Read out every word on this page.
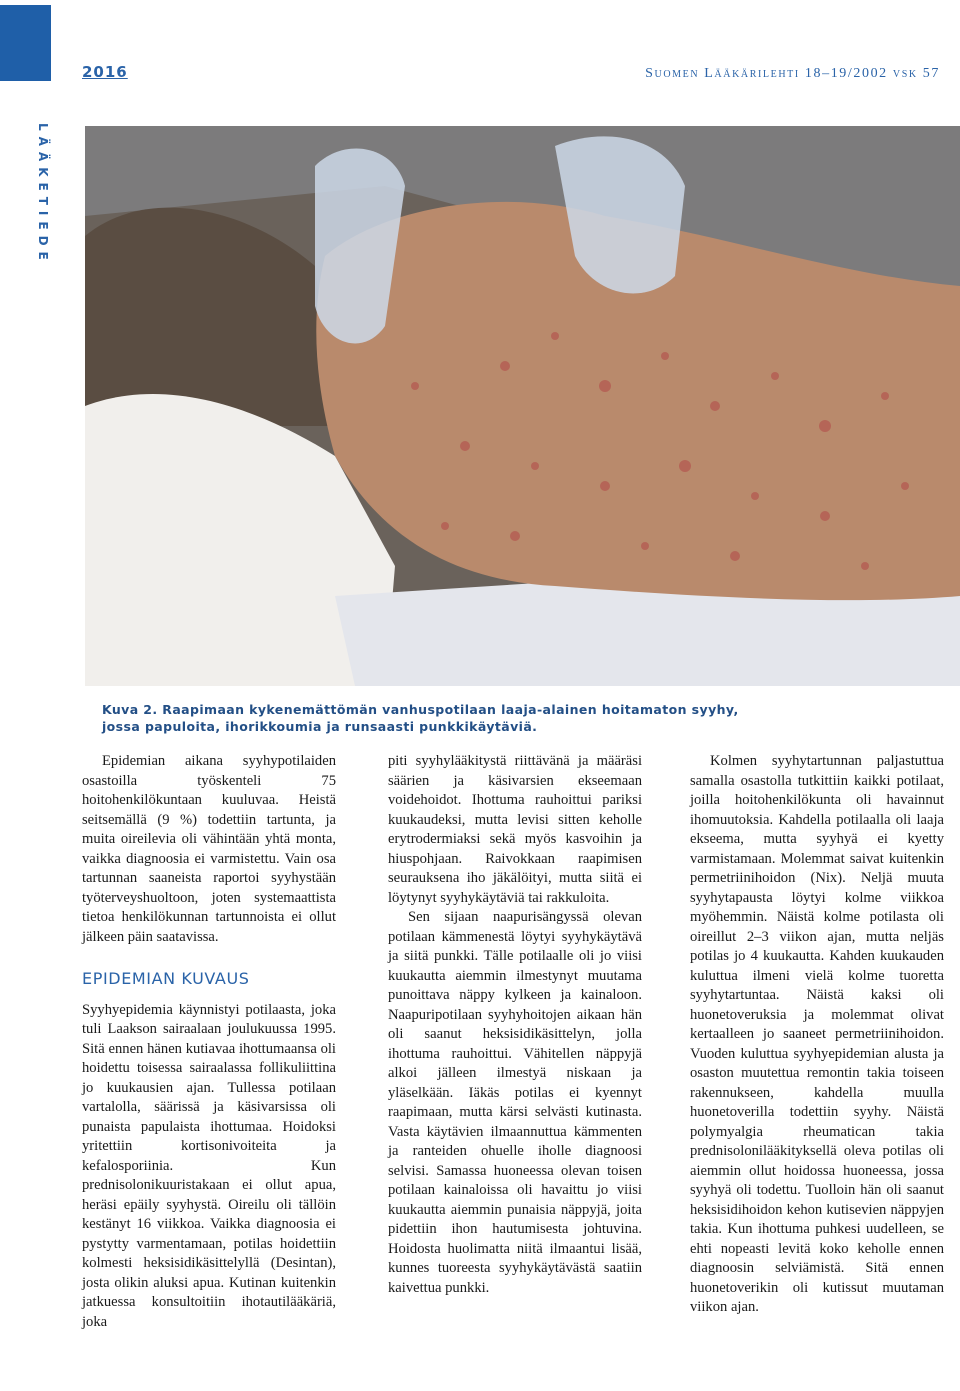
2016	Suomen Lääkärilehti 18–19/2002 vsk 57
LÄÄKETIEDE
Kuva 2. Raapimaan kykenemättömän vanhuspotilaan laaja-alainen hoitamaton syyhy,
jossa papuloita, ihorikkoumia ja runsaasti punkkikäytäviä.

Epidemian aikana syyhypotilaiden osastoilla työskenteli 75 hoitohenkilökuntaan kuuluvaa. Heistä seitsemällä (9 %) todettiin tartunta, ja muita oireilevia oli vähintään yhtä monta, vaikka diagnoosia ei varmistettu. Vain osa tartunnan saaneista raportoi syyhystään työterveyshuoltoon, joten systemaattista tietoa henkilökunnan tartunnoista ei ollut jälkeen päin saatavissa.

EPIDEMIAN KUVAUS

Syyhyepidemia käynnistyi potilaasta, joka tuli Laakson sairaalaan joulukuussa 1995. Sitä ennen hänen kutiavaa ihottumaansa oli hoidettu toisessa sairaalassa follikuliittina jo kuukausien ajan. Tullessa potilaan vartalolla, säärissä ja käsivarsissa oli punaista papulaista ihottumaa. Hoidoksi yritettiin kortisonivoiteita ja kefalosporiinia. Kun prednisolonikuuristakaan ei ollut apua, heräsi epäily syyhystä. Oireilu oli tällöin kestänyt 16 viikkoa. Vaikka diagnoosia ei pystytty varmentamaan, potilas hoidettiin kolmesti heksisidikäsittelyllä (Desintan), josta olikin aluksi apua. Kutinan kuitenkin jatkuessa konsultoitiin ihotautilääkäriä, joka

piti syyhylääkitystä riittävänä ja määräsi säärien ja käsivarsien ekseemaan voidehoidot. Ihottuma rauhoittui pariksi kuukaudeksi, mutta levisi sitten keholle erytrodermiaksi sekä myös kasvoihin ja hiuspohjaan. Raivokkaan raapimisen seurauksena iho jäkälöityi, mutta siitä ei löytynyt syyhykäytäviä tai rakkuloita.

Sen sijaan naapurisängyssä olevan potilaan kämmenestä löytyi syyhykäytävä ja siitä punkki. Tälle potilaalle oli jo viisi kuukautta aiemmin ilmestynyt muutama punoittava näppy kylkeen ja kainaloon. Naapuripotilaan syyhyhoitojen aikaan hän oli saanut heksisidikäsittelyn, jolla ihottuma rauhoittui. Vähitellen näppyjä alkoi jälleen ilmestyä niskaan ja yläselkään. Iäkäs potilas ei kyennyt raapimaan, mutta kärsi selvästi kutinasta. Vasta käytävien ilmaannuttua kämmenten ja ranteiden ohuelle iholle diagnoosi selvisi. Samassa huoneessa olevan toisen potilaan kainaloissa oli havaittu jo viisi kuukautta aiemmin punaisia näppyjä, joita pidettiin ihon hautumisesta johtuvina. Hoidosta huolimatta niitä ilmaantui lisää, kunnes tuoreesta syyhykäytävästä saatiin kaivettua punkki.

Kolmen syyhytartunnan paljastuttua samalla osastolla tutkittiin kaikki potilaat, joilla hoitohenkilökunta oli havainnut ihomuutoksia. Kahdella potilaalla oli laaja ekseema, mutta syyhyä ei kyetty varmistamaan. Molemmat saivat kuitenkin permetriinihoidon (Nix). Neljä muuta syyhytapausta löytyi kolme viikkoa myöhemmin. Näistä kolme potilasta oli oireillut 2–3 viikon ajan, mutta neljäs potilas jo 4 kuukautta. Kahden kuukauden kuluttua ilmeni vielä kolme tuoretta syyhytartuntaa. Näistä kaksi oli huonetoveruksia ja molemmat olivat kertaalleen jo saaneet permetriinihoidon. Vuoden kuluttua syyhyepidemian alusta ja osaston muutettua remontin takia toiseen rakennukseen, kahdella muulla huonetoverilla todettiin syyhy. Näistä polymyalgia rheumatican takia prednisolonilääkityksellä oleva potilas oli aiemmin ollut hoidossa huoneessa, jossa syyhyä oli todettu. Tuolloin hän oli saanut heksisidihoidon kehon kutisevien näppyjen takia. Kun ihottuma puhkesi uudelleen, se ehti nopeasti levitä koko keholle ennen diagnoosin selviämistä. Sitä ennen huonetoverikin oli kutissut muutaman viikon ajan.
